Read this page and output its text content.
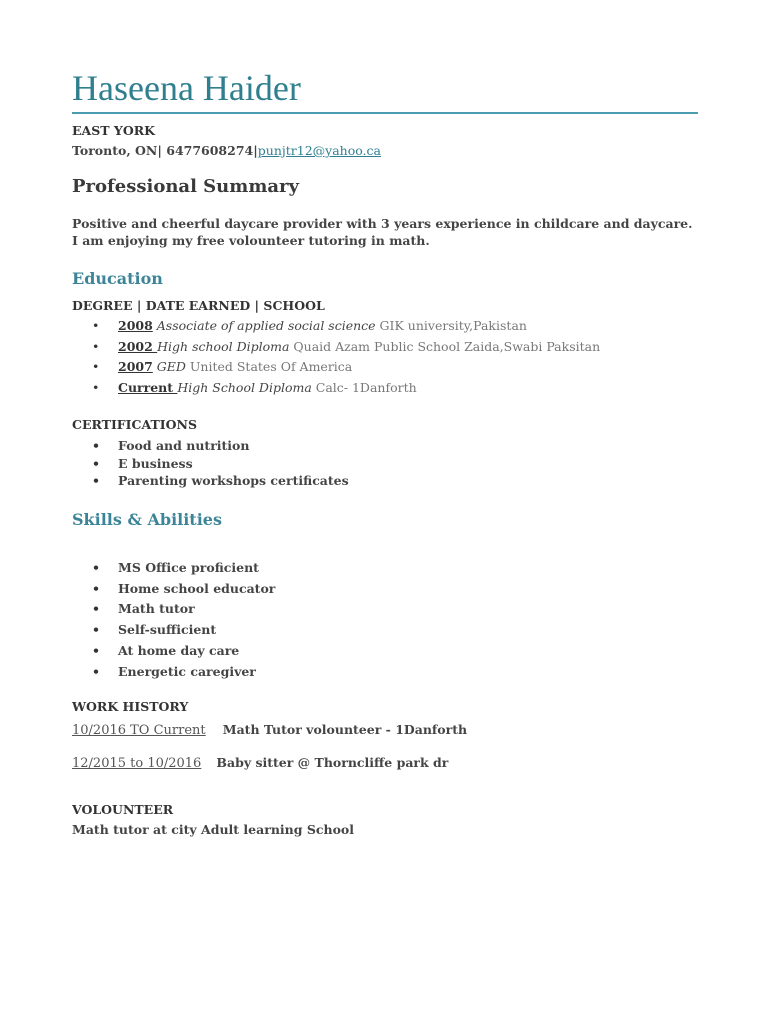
Haseena Haider
EAST YORK
Toronto, ON| 6477608274|punjtr12@yahoo.ca
Professional Summary
Positive and cheerful daycare provider with 3 years experience in childcare and daycare. I am enjoying my free volounteer tutoring in math.
Education
DEGREE | DATE EARNED | SCHOOL
• 2008 Associate of applied social science GIK university,Pakistan
• 2002 High school Diploma Quaid Azam Public School Zaida,Swabi Paksitan
• 2007 GED United States Of America
• Current High School Diploma Calc- 1Danforth
CERTIFICATIONS
• Food and nutrition
• E business
• Parenting workshops certificates
Skills & Abilities
• MS Office proficient
• Home school educator
• Math tutor
• Self-sufficient
• At home day care
• Energetic caregiver
WORK HISTORY
10/2016 TO Current Math Tutor volounteer - 1Danforth
12/2015 to 10/2016 Baby sitter @ Thorncliffe park dr
VOLOUNTEER
Math tutor at city Adult learning School
